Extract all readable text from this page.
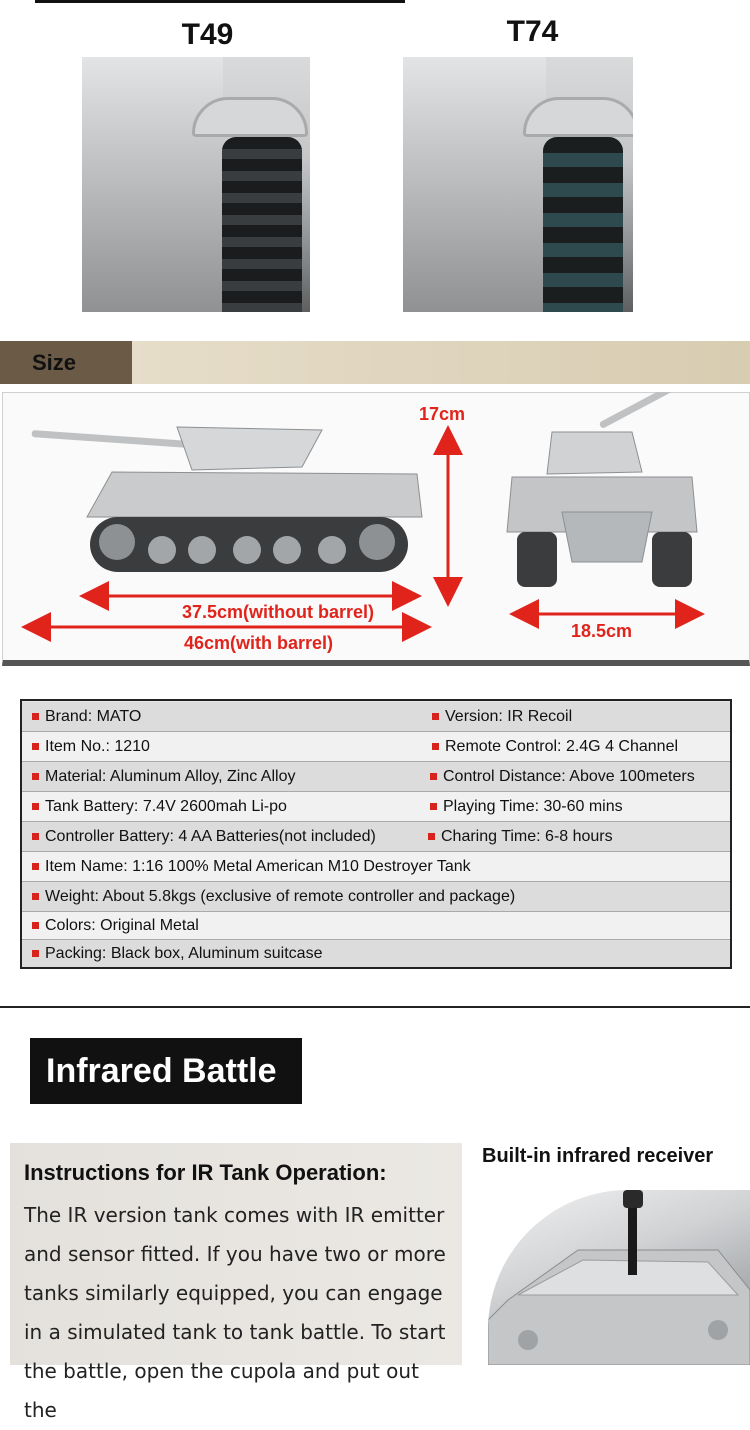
T49	T74
Size
17cm
37.5cm(without barrel)
46cm(with barrel)
18.5cm
Brand: MATO	Version: IR Recoil
Item No.: 1210	Remote Control: 2.4G 4 Channel
Material: Aluminum Alloy, Zinc Alloy	Control Distance: Above 100meters
Tank Battery: 7.4V 2600mah Li-po	Playing Time: 30-60 mins
Controller Battery: 4 AA Batteries(not included)	Charing Time: 6-8 hours
Item Name: 1:16 100% Metal American M10 Destroyer Tank
Weight: About 5.8kgs (exclusive of remote controller and package)
Colors: Original Metal
Packing: Black box, Aluminum suitcase
Infrared Battle
Instructions for IR Tank Operation:
The IR version tank comes with IR emitter and sensor fitted. If you have two or more tanks similarly equipped, you can engage in a simulated tank to tank battle. To start the battle, open the cupola and put out the
Built-in infrared receiver
